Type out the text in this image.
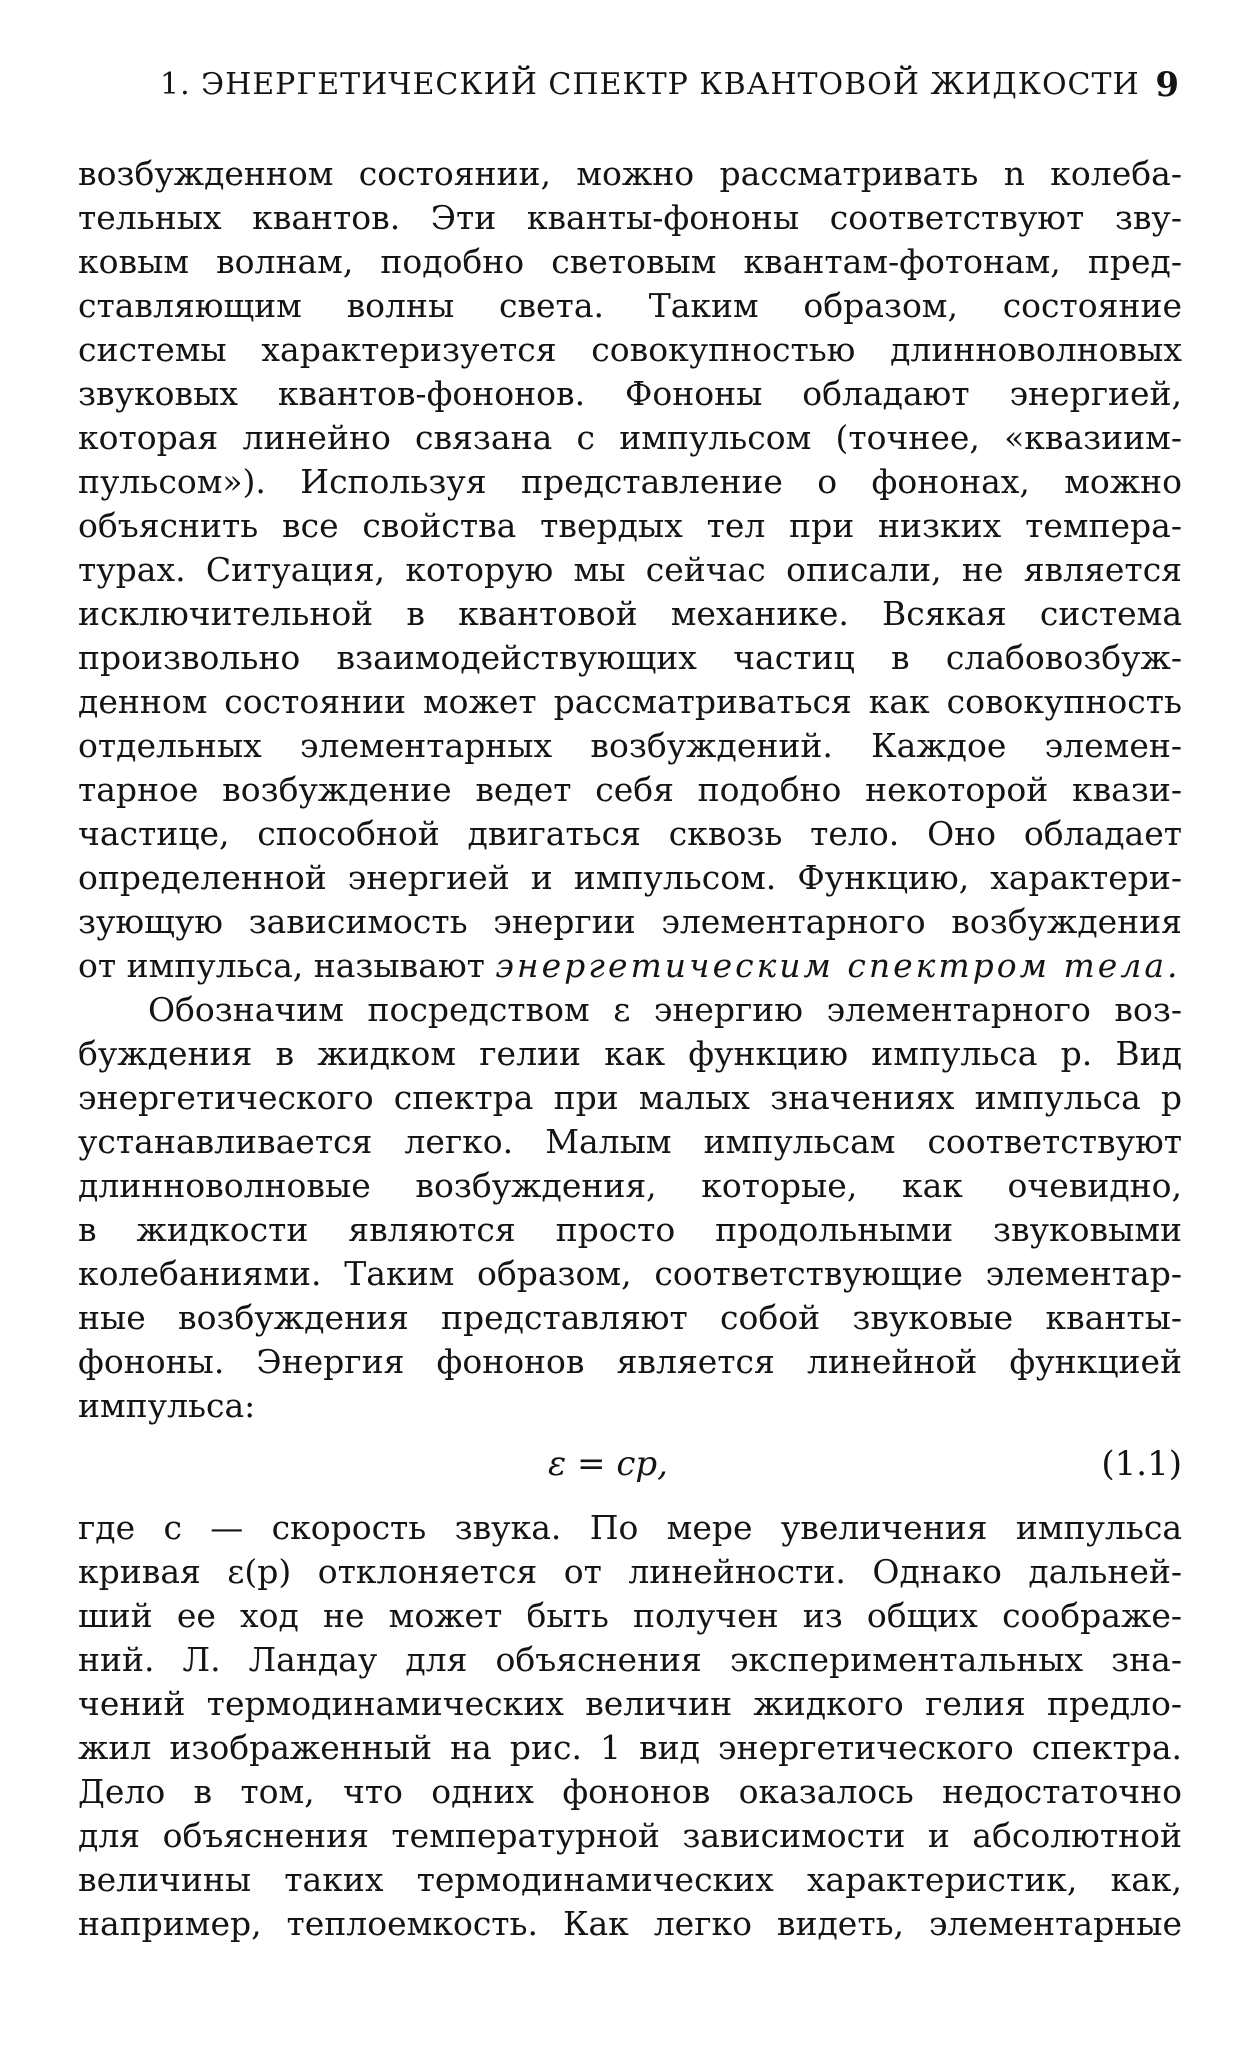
1. ЭНЕРГЕТИЧЕСКИЙ СПЕКТР КВАНТОВОЙ ЖИДКОСТИ 9
возбужденном состоянии, можно рассматривать n колеба-
тельных квантов. Эти кванты-фононы соответствуют зву-
ковым волнам, подобно световым квантам-фотонам, пред-
ставляющим волны света. Таким образом, состояние
системы характеризуется совокупностью длинноволновых
звуковых квантов-фононов. Фононы обладают энергией,
которая линейно связана с импульсом (точнее, «квазиим-
пульсом»). Используя представление о фононах, можно
объяснить все свойства твердых тел при низких темпера-
турах. Ситуация, которую мы сейчас описали, не является
исключительной в квантовой механике. Всякая система
произвольно взаимодействующих частиц в слабовозбуж-
денном состоянии может рассматриваться как совокупность
отдельных элементарных возбуждений. Каждое элемен-
тарное возбуждение ведет себя подобно некоторой квази-
частице, способной двигаться сквозь тело. Оно обладает
определенной энергией и импульсом. Функцию, характери-
зующую зависимость энергии элементарного возбуждения
от импульса, называют энергетическим спектром тела.
Обозначим посредством ε энергию элементарного воз-
буждения в жидком гелии как функцию импульса p. Вид
энергетического спектра при малых значениях импульса p
устанавливается легко. Малым импульсам соответствуют
длинноволновые возбуждения, которые, как очевидно,
в жидкости являются просто продольными звуковыми
колебаниями. Таким образом, соответствующие элементар-
ные возбуждения представляют собой звуковые кванты-
фононы. Энергия фононов является линейной функцией
импульса:
ε = cp,	(1.1)
где c — скорость звука. По мере увеличения импульса
кривая ε(p) отклоняется от линейности. Однако дальней-
ший ее ход не может быть получен из общих соображе-
ний. Л. Ландау для объяснения экспериментальных зна-
чений термодинамических величин жидкого гелия предло-
жил изображенный на рис. 1 вид энергетического спектра.
Дело в том, что одних фононов оказалось недостаточно
для объяснения температурной зависимости и абсолютной
величины таких термодинамических характеристик, как,
например, теплоемкость. Как легко видеть, элементарные
